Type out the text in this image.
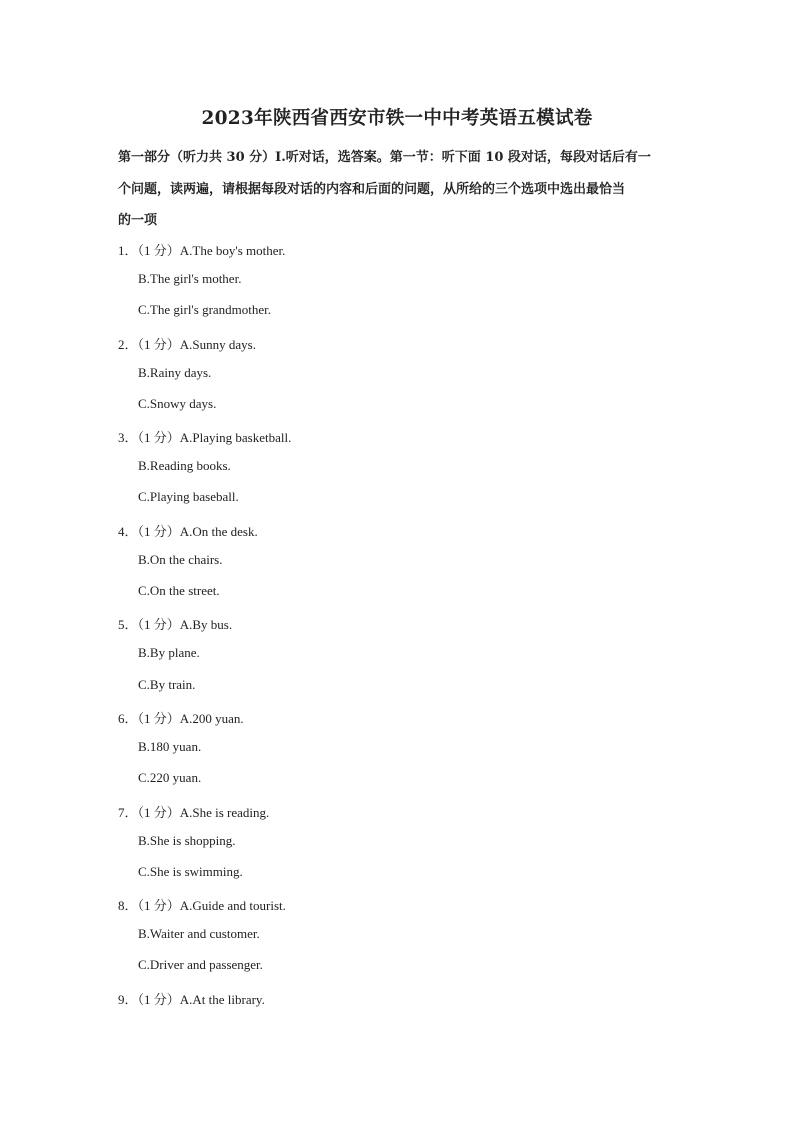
2023年陕西省西安市铁一中中考英语五模试卷
第一部分（听力共 30 分）I.听对话，选答案。第一节：听下面 10 段对话，每段对话后有一
个问题，读两遍，请根据每段对话的内容和后面的问题，从所给的三个选项中选出最恰当
的一项
1．（1 分）A.The boy's mother.
B.The girl's mother.
C.The girl's grandmother.
2．（1 分）A.Sunny days.
B.Rainy days.
C.Snowy days.
3．（1 分）A.Playing basketball.
B.Reading books.
C.Playing baseball.
4．（1 分）A.On the desk.
B.On the chairs.
C.On the street.
5．（1 分）A.By bus.
B.By plane.
C.By train.
6．（1 分）A.200 yuan.
B.180 yuan.
C.220 yuan.
7．（1 分）A.She is reading.
B.She is shopping.
C.She is swimming.
8．（1 分）A.Guide and tourist.
B.Waiter and customer.
C.Driver and passenger.
9．（1 分）A.At the library.
